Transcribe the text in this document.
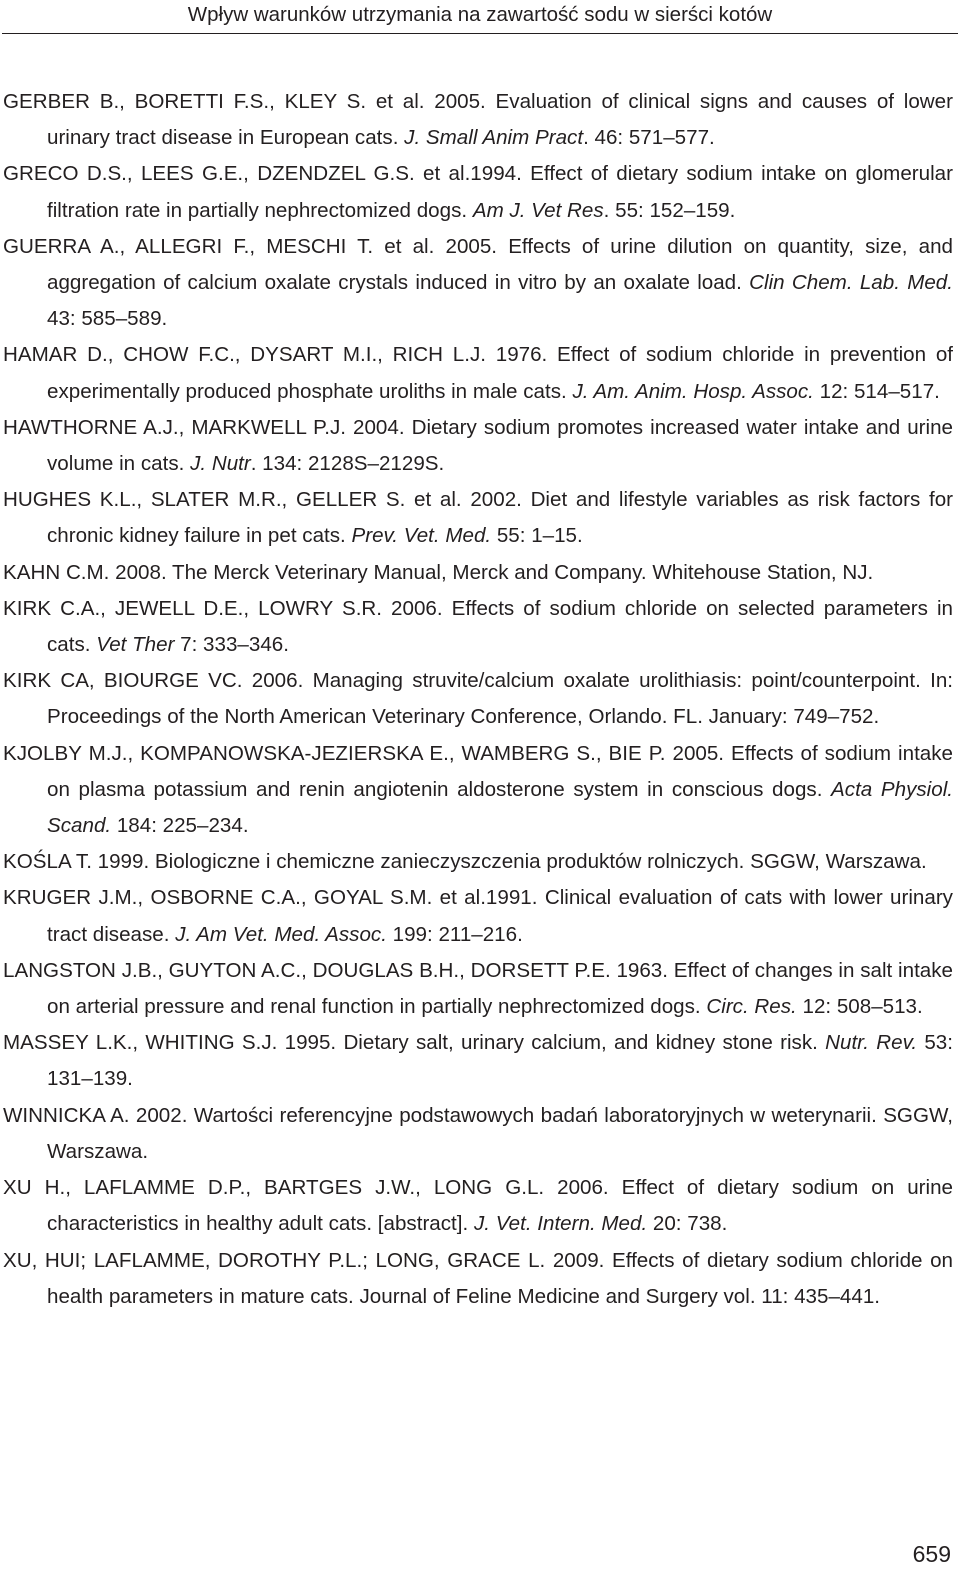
Wpływ warunków utrzymania na zawartość sodu w sierści kotów
GERBER B., BORETTI F.S., KLEY S. et al. 2005. Evaluation of clinical signs and causes of lower urinary tract disease in European cats. J. Small Anim Pract. 46: 571–577.
GRECO D.S., LEES G.E., DZENDZEL G.S. et al.1994. Effect of dietary sodium intake on glomerular filtration rate in partially nephrectomized dogs. Am J. Vet Res. 55: 152–159.
GUERRA A., ALLEGRI F., MESCHI T. et al. 2005. Effects of urine dilution on quantity, size, and aggregation of calcium oxalate crystals induced in vitro by an oxalate load. Clin Chem. Lab. Med. 43: 585–589.
HAMAR D., CHOW F.C., DYSART M.I., RICH L.J. 1976. Effect of sodium chloride in prevention of experimentally produced phosphate uroliths in male cats. J. Am. Anim. Hosp. Assoc. 12: 514–517.
HAWTHORNE A.J., MARKWELL P.J. 2004. Dietary sodium promotes increased water intake and urine volume in cats. J. Nutr. 134: 2128S–2129S.
HUGHES K.L., SLATER M.R., GELLER S. et al. 2002. Diet and lifestyle variables as risk factors for chronic kidney failure in pet cats. Prev. Vet. Med. 55: 1–15.
KAHN C.M. 2008. The Merck Veterinary Manual, Merck and Company. Whitehouse Station, NJ.
KIRK C.A., JEWELL D.E., LOWRY S.R. 2006. Effects of sodium chloride on selected parameters in cats. Vet Ther 7: 333–346.
KIRK CA, BIOURGE VC. 2006. Managing struvite/calcium oxalate urolithiasis: point/counterpoint. In: Proceedings of the North American Veterinary Conference, Orlando. FL. January: 749–752.
KJOLBY M.J., KOMPANOWSKA-JEZIERSKA E., WAMBERG S., BIE P. 2005. Effects of sodium intake on plasma potassium and renin angiotenin aldosterone system in conscious dogs. Acta Physiol. Scand. 184: 225–234.
KOŚLA T. 1999. Biologiczne i chemiczne zanieczyszczenia produktów rolniczych. SGGW, Warszawa.
KRUGER J.M., OSBORNE C.A., GOYAL S.M. et al.1991. Clinical evaluation of cats with lower urinary tract disease. J. Am Vet. Med. Assoc. 199: 211–216.
LANGSTON J.B., GUYTON A.C., DOUGLAS B.H., DORSETT P.E. 1963. Effect of changes in salt intake on arterial pressure and renal function in partially nephrectomized dogs. Circ. Res. 12: 508–513.
MASSEY L.K., WHITING S.J. 1995. Dietary salt, urinary calcium, and kidney stone risk. Nutr. Rev. 53: 131–139.
WINNICKA A. 2002. Wartości referencyjne podstawowych badań laboratoryjnych w weterynarii. SGGW, Warszawa.
XU H., LAFLAMME D.P., BARTGES J.W., LONG G.L. 2006. Effect of dietary sodium on urine characteristics in healthy adult cats. [abstract]. J. Vet. Intern. Med. 20: 738.
XU, HUI; LAFLAMME, DOROTHY P.L.; LONG, GRACE L. 2009. Effects of dietary sodium chloride on health parameters in mature cats. Journal of Feline Medicine and Surgery vol. 11: 435–441.
659
